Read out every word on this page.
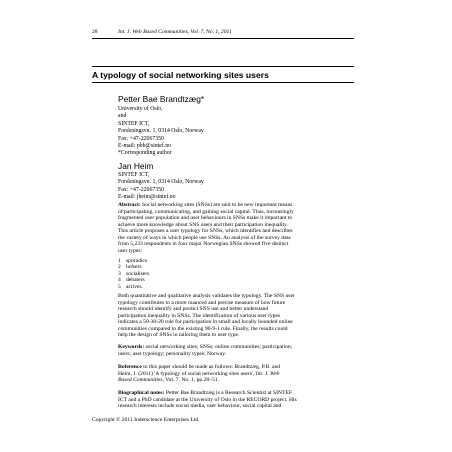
28	Int. J. Web Based Communities, Vol. 7, No. 1, 2011
A typology of social networking sites users
Petter Bae Brandtzæg*
University of Oslo,
and
SINTEF ICT,
Forskningsvn. 1, 0314 Oslo, Norway
Fax: +47-22067350
E-mail: pbb@sintef.no
*Corresponding author
Jan Heim
SINTEF ICT,
Forskningsvn. 1, 0314 Oslo, Norway
Fax: +47-22067350
E-mail: jheim@sintef.no
Abstract: Social networking sites (SNSs) are said to be new important means
of participating, communicating, and gaining social capital. Thus, increasingly
fragmented user population and user behaviours in SNSs make it important to
achieve more knowledge about SNS users and their participation inequality.
This article proposes a user typology for SNSs, which identifies and describes
the variety of ways in which people use SNSs. An analysis of the survey data
from 5,233 respondents in four major Norwegian SNSs showed five distinct
user types:
1 sporadics
2 lurkers
3 socialisers
4 debaters
5 actives.
Both quantitative and qualitative analysis validates the typology. The SNS user
typology contributes to a more nuanced and precise measure of how future
research should identify and predict SNS use and better understand
participation inequality in SNSs. The identification of various user types
indicates a 50-30-20 rule for participation in small and locally bounded online
communities compared to the existing 90-9-1 rule. Finally, the results could
help the design of SNSs in tailoring them to user type.
Keywords: social networking sites; SNSs; online communities; participation;
users; user typology; personality types; Norway.
Reference to this paper should be made as follows: Brandtzæg, P.B. and
Heim, J. (2011) 'A typology of social networking sites users', Int. J. Web
Based Communities, Vol. 7, No. 1, pp.28–51.
Biographical notes: Petter Bae Brandtzæg is a Research Scientist at SINTEF
ICT and a PhD candidate at the University of Oslo in the RECORD project. His
research interests include social media, user behaviour, social capital and
Copyright © 2011 Inderscience Enterprises Ltd.
